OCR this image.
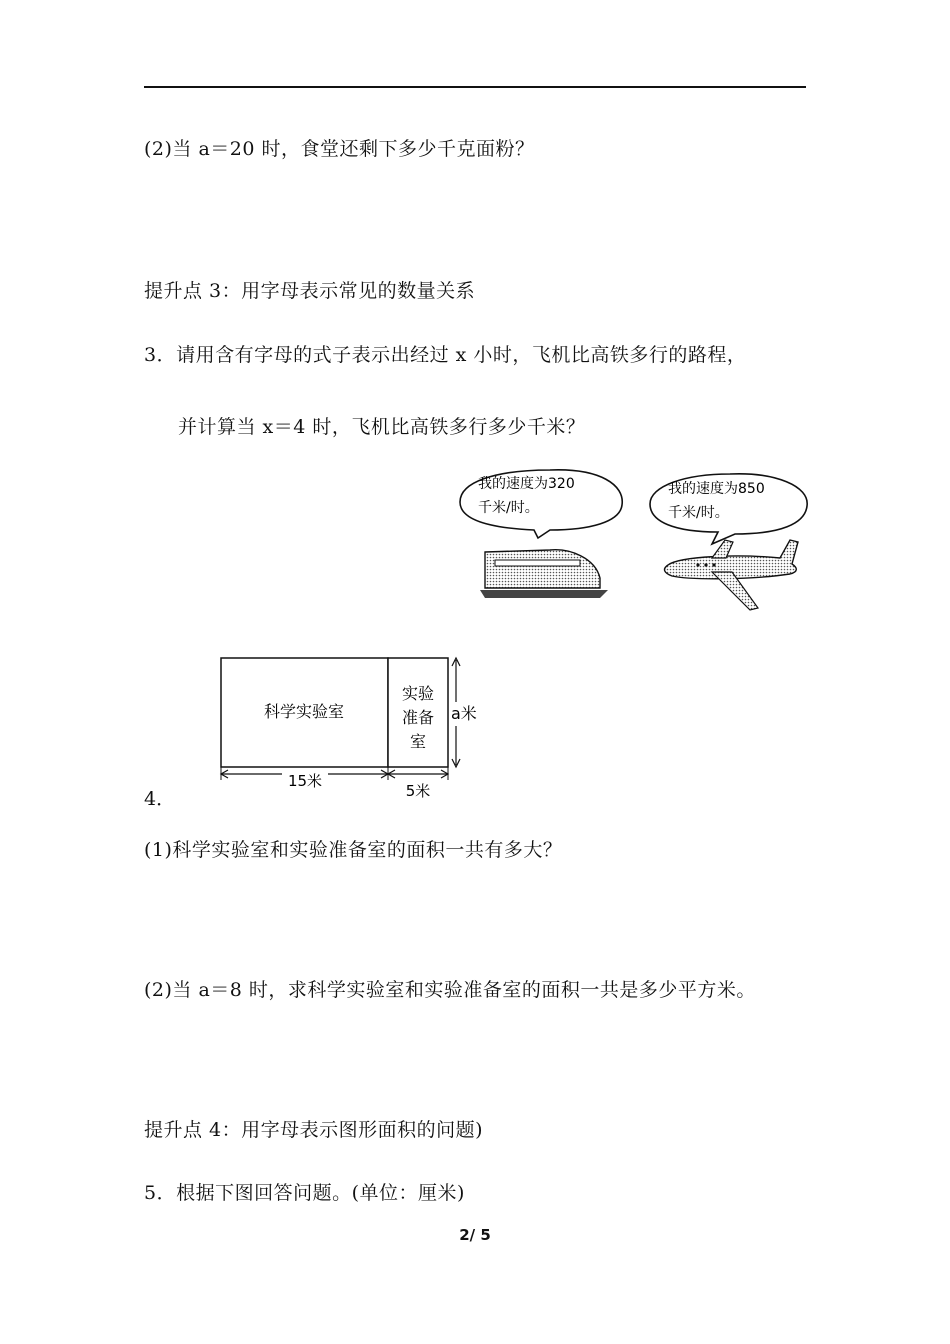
(2)当 a＝20 时，食堂还剩下多少千克面粉？
提升点 3：用字母表示常见的数量关系
3．请用含有字母的式子表示出经过 x 小时，飞机比高铁多行的路程，
并计算当 x＝4 时，飞机比高铁多行多少千米？
我的速度为320
千米/时。
我的速度为850
千米/时。
4．
科学实验室
实验
准备
室
a米
15米
5米
(1)科学实验室和实验准备室的面积一共有多大？
(2)当 a＝8 时，求科学实验室和实验准备室的面积一共是多少平方米。
提升点 4：用字母表示图形面积的问题)
5．根据下图回答问题。(单位：厘米)
2/ 5
